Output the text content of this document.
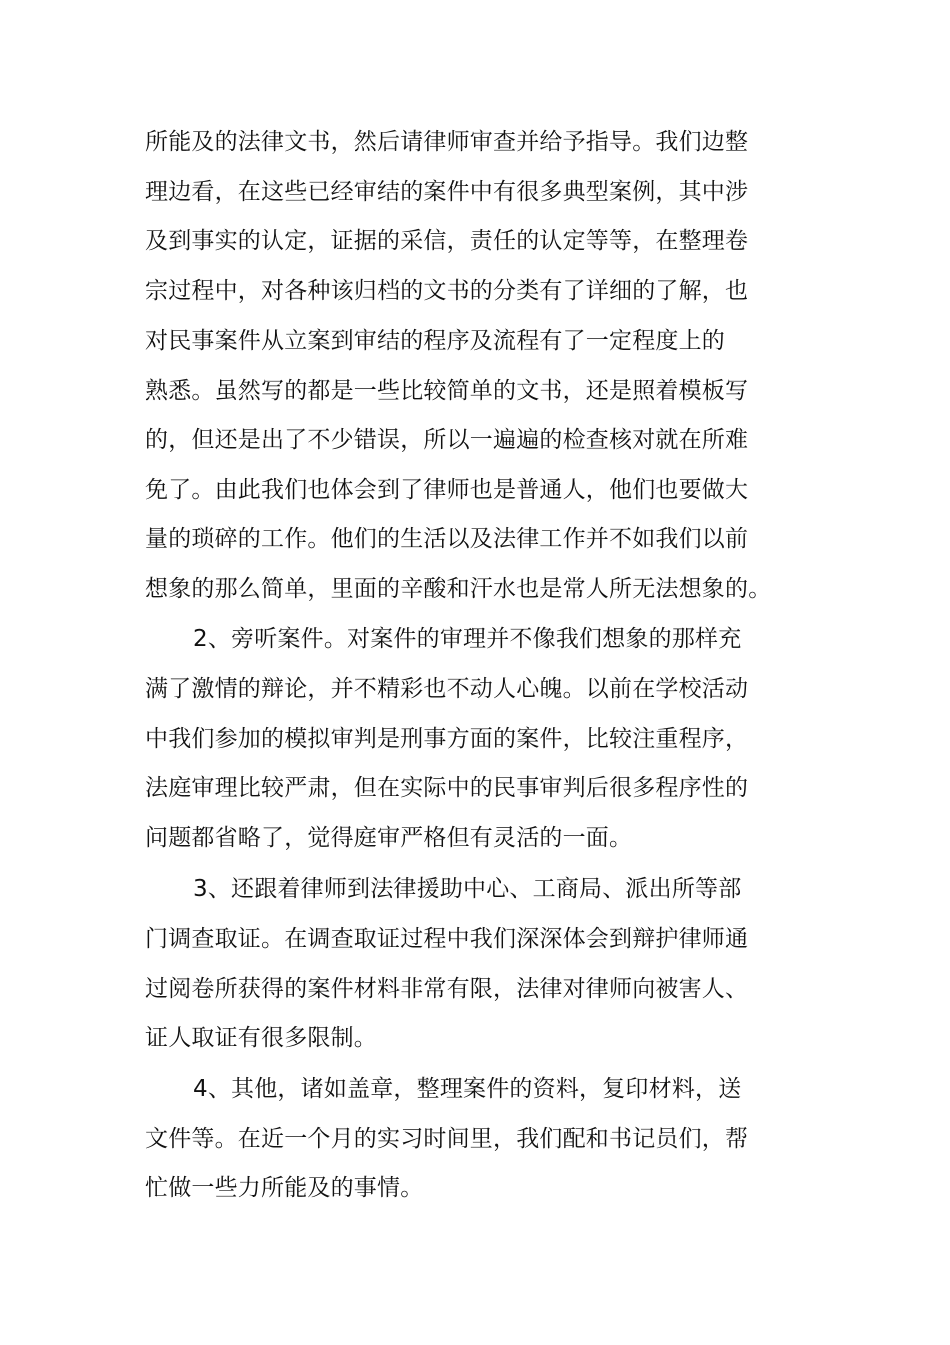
所能及的法律文书，然后请律师审查并给予指导。我们边整
理边看，在这些已经审结的案件中有很多典型案例，其中涉
及到事实的认定，证据的采信，责任的认定等等，在整理卷
宗过程中，对各种该归档的文书的分类有了详细的了解，也
对民事案件从立案到审结的程序及流程有了一定程度上的
熟悉。虽然写的都是一些比较简单的文书，还是照着模板写
的，但还是出了不少错误，所以一遍遍的检查核对就在所难
免了。由此我们也体会到了律师也是普通人，他们也要做大
量的琐碎的工作。他们的生活以及法律工作并不如我们以前
想象的那么简单，里面的辛酸和汗水也是常人所无法想象的。
2、旁听案件。对案件的审理并不像我们想象的那样充
满了激情的辩论，并不精彩也不动人心魄。以前在学校活动
中我们参加的模拟审判是刑事方面的案件，比较注重程序，
法庭审理比较严肃，但在实际中的民事审判后很多程序性的
问题都省略了，觉得庭审严格但有灵活的一面。
3、还跟着律师到法律援助中心、工商局、派出所等部
门调查取证。在调查取证过程中我们深深体会到辩护律师通
过阅卷所获得的案件材料非常有限，法律对律师向被害人、
证人取证有很多限制。
4、其他，诸如盖章，整理案件的资料，复印材料，送
文件等。在近一个月的实习时间里，我们配和书记员们，帮
忙做一些力所能及的事情。
